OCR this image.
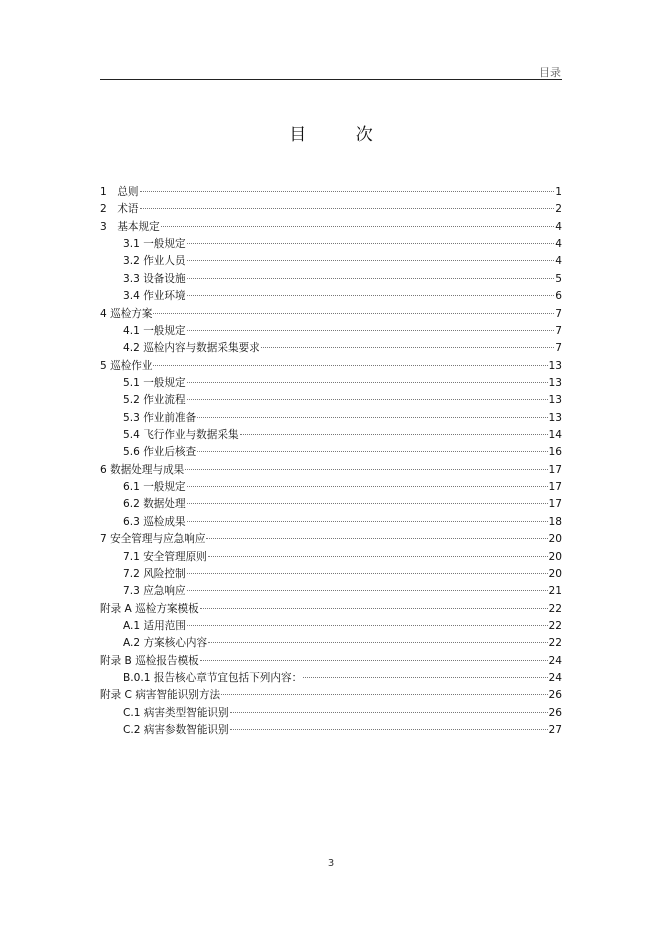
目录
目 次
1　总则	1
2　术语	2
3　基本规定	4
3.1 一般规定	4
3.2 作业人员	4
3.3 设备设施	5
3.4 作业环境	6
4 巡检方案	7
4.1 一般规定	7
4.2 巡检内容与数据采集要求	7
5 巡检作业	13
5.1 一般规定	13
5.2 作业流程	13
5.3 作业前准备	13
5.4 飞行作业与数据采集	14
5.6 作业后核查	16
6 数据处理与成果	17
6.1 一般规定	17
6.2 数据处理	17
6.3 巡检成果	18
7 安全管理与应急响应	20
7.1 安全管理原则	20
7.2 风险控制	20
7.3 应急响应	21
附录 A 巡检方案模板	22
A.1 适用范围	22
A.2 方案核心内容	22
附录 B 巡检报告模板	24
B.0.1 报告核心章节宜包括下列内容：	24
附录 C 病害智能识别方法	26
C.1 病害类型智能识别	26
C.2 病害参数智能识别	27
3
